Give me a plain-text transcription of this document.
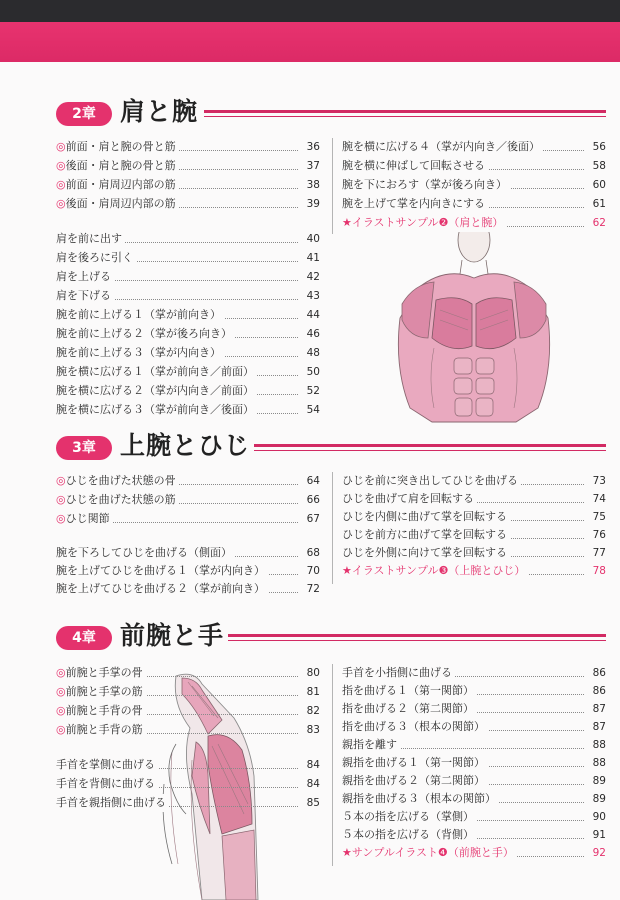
2章 肩と腕
3章 上腕とひじ
4章 前腕と手
◎前面・肩と腕の骨と筋	36
◎後面・肩と腕の骨と筋	37
◎前面・肩周辺内部の筋	38
◎後面・肩周辺内部の筋	39
肩を前に出す	40
肩を後ろに引く	41
肩を上げる	42
肩を下げる	43
腕を前に上げる１（掌が前向き）	44
腕を前に上げる２（掌が後ろ向き）	46
腕を前に上げる３（掌が内向き）	48
腕を横に広げる１（掌が前向き／前面）	50
腕を横に広げる２（掌が内向き／前面）	52
腕を横に広げる３（掌が前向き／後面）	54
腕を横に広げる４（掌が内向き／後面）	56
腕を横に伸ばして回転させる	58
腕を下におろす（掌が後ろ向き）	60
腕を上げて掌を内向きにする	61
★イラストサンプル❷（肩と腕）	62
◎ひじを曲げた状態の骨	64
◎ひじを曲げた状態の筋	66
◎ひじ関節	67
腕を下ろしてひじを曲げる（側面）	68
腕を上げてひじを曲げる１（掌が内向き）	70
腕を上げてひじを曲げる２（掌が前向き）	72
ひじを前に突き出してひじを曲げる	73
ひじを曲げて肩を回転する	74
ひじを内側に曲げて掌を回転する	75
ひじを前方に曲げて掌を回転する	76
ひじを外側に向けて掌を回転する	77
★イラストサンプル❸（上腕とひじ）	78
◎前腕と手掌の骨	80
◎前腕と手掌の筋	81
◎前腕と手背の骨	82
◎前腕と手背の筋	83
手首を掌側に曲げる	84
手首を背側に曲げる	84
手首を親指側に曲げる	85
手首を小指側に曲げる	86
指を曲げる１（第一関節）	86
指を曲げる２（第二関節）	87
指を曲げる３（根本の関節）	87
親指を離す	88
親指を曲げる１（第一関節）	88
親指を曲げる２（第二関節）	89
親指を曲げる３（根本の関節）	89
５本の指を広げる（掌側）	90
５本の指を広げる（背側）	91
★サンプルイラスト❹（前腕と手）	92
